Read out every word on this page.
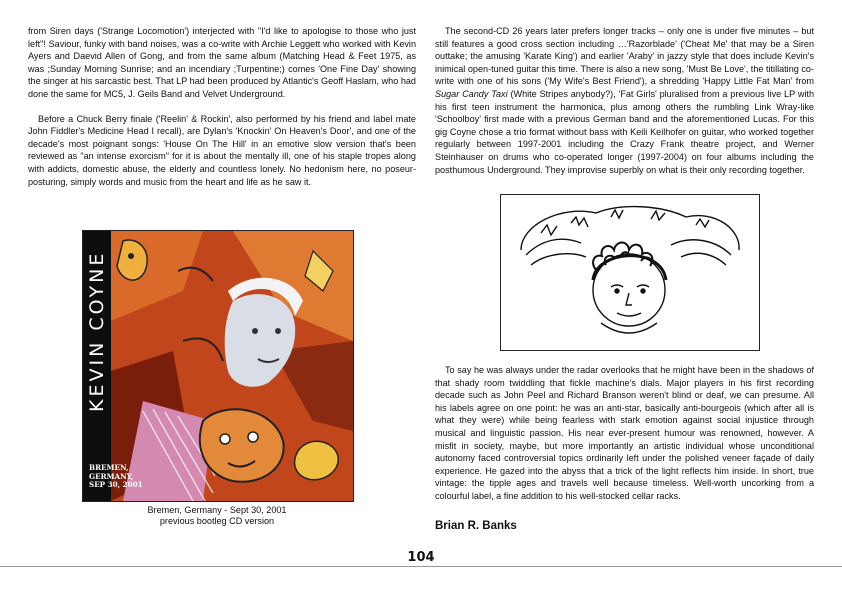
from Siren days ('Strange Locomotion') interjected with "I'd like to apologise to those who just left"! Saviour, funky with band noises, was a co-write with Archie Leggett who worked with Kevin Ayers and Daevid Allen of Gong, and from the same album (Matching Head & Feet 1975, as was ;Sunday Morning Sunrise; and an incendiary ;Turpentine;) comes 'One Fine Day' showing the singer at his sarcastic best. That LP had been produced by Atlantic's Geoff Haslam, who had done the same for MC5, J. Geils Band and Velvet Underground.

Before a Chuck Berry finale ('Reelin' & Rockin', also performed by his friend and label mate John Fiddler's Medicine Head I recall), are Dylan's 'Knockin' On Heaven's Door', and one of the decade's most poignant songs: 'House On The Hill' in an emotive slow version that's been reviewed as "an intense exorcism" for it is about the mentally ill, one of his staple tropes along with addicts, domestic abuse, the elderly and countless lonely. No hedonism here, no poseur-posturing, simply words and music from the heart and life as he saw it.

KEVIN COYNE
BREMEN,
GERMANY,
SEP 30, 2001
Bremen, Germany - Sept 30, 2001
previous bootleg CD version

The second-CD 26 years later prefers longer tracks – only one is under five minutes – but still features a good cross section including …'Razorblade' ('Cheat Me' that may be a Siren outtake; the amusing 'Karate King') and earlier 'Araby' in jazzy style that does include Kevin's inimical open-tuned guitar this time. There is also a new song, 'Must Be Love', the titillating co-write with one of his sons ('My Wife's Best Friend'), a shredding 'Happy Little Fat Man' from Sugar Candy Taxi (White Stripes anybody?), 'Fat Girls' pluralised from a previous live LP with his first teen instrument the harmonica, plus among others the rumbling Link Wray-like 'Schoolboy' first made with a previous German band and the aforementioned Lucas. For this gig Coyne chose a trio format without bass with Keili Keilhofer on guitar, who worked together regularly between 1997-2001 including the Crazy Frank theatre project, and Werner Steinhauser on drums who co-operated longer (1997-2004) on four albums including the posthumous Underground. They improvise superbly on what is their only recording together.

To say he was always under the radar overlooks that he might have been in the shadows of that shady room twiddling that fickle machine's dials. Major players in his first recording decade such as John Peel and Richard Branson weren't blind or deaf, we can presume. All his labels agree on one point: he was an anti-star, basically anti-bourgeois (which after all is what they were) while being fearless with stark emotion against social injustice through musical and linguistic passion. His near ever-present humour was renowned, however. A misfit in society, maybe, but more importantly an artistic individual whose unconditional autonomy faced controversial topics ordinarily left under the polished veneer façade of daily experience. He gazed into the abyss that a trick of the light reflects him inside. In short, true vintage: the tipple ages and travels well because timeless. Well-worth uncorking from a colourful label, a fine addition to his well-stocked cellar racks.

Brian R. Banks
104
